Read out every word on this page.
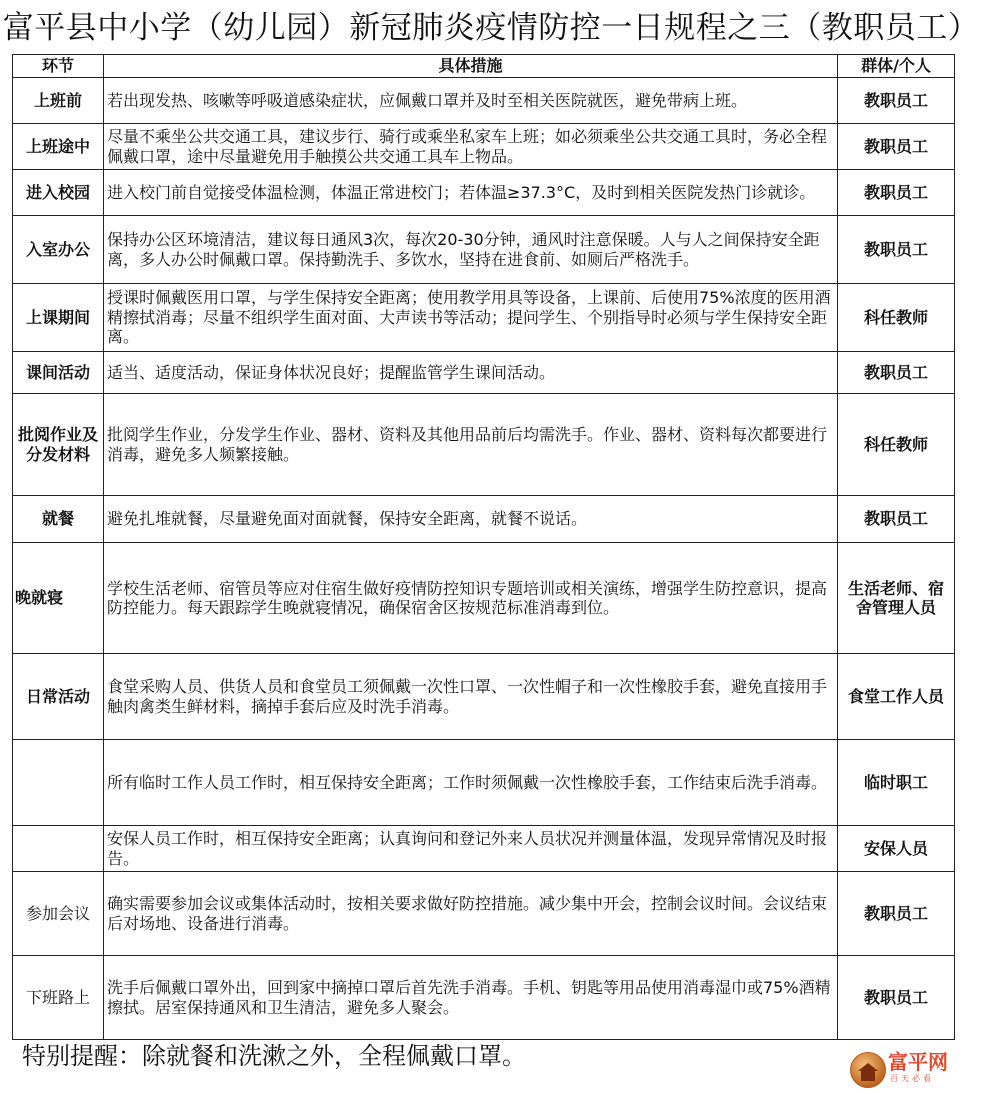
富平县中小学（幼儿园）新冠肺炎疫情防控一日规程之三（教职员工）
环节	具体措施	群体/个人
上班前	若出现发热、咳嗽等呼吸道感染症状，应佩戴口罩并及时至相关医院就医，避免带病上班。	教职员工
上班途中	尽量不乘坐公共交通工具，建议步行、骑行或乘坐私家车上班；如必须乘坐公共交通工具时，务必全程佩戴口罩，途中尽量避免用手触摸公共交通工具车上物品。	教职员工
进入校园	进入校门前自觉接受体温检测，体温正常进校门；若体温≥37.3°C，及时到相关医院发热门诊就诊。	教职员工
入室办公	保持办公区环境清洁，建议每日通风3次，每次20-30分钟，通风时注意保暖。人与人之间保持安全距离，多人办公时佩戴口罩。保持勤洗手、多饮水，坚持在进食前、如厕后严格洗手。	教职员工
上课期间	授课时佩戴医用口罩，与学生保持安全距离；使用教学用具等设备，上课前、后使用75%浓度的医用酒精擦拭消毒；尽量不组织学生面对面、大声读书等活动；提问学生、个别指导时必须与学生保持安全距离。	科任教师
课间活动	适当、适度活动，保证身体状况良好；提醒监管学生课间活动。	教职员工
批阅作业及分发材料	批阅学生作业，分发学生作业、器材、资料及其他用品前后均需洗手。作业、器材、资料每次都要进行消毒，避免多人频繁接触。	科任教师
就餐	避免扎堆就餐，尽量避免面对面就餐，保持安全距离，就餐不说话。	教职员工
晚就寝	学校生活老师、宿管员等应对住宿生做好疫情防控知识专题培训或相关演练，增强学生防控意识，提高防控能力。每天跟踪学生晚就寝情况，确保宿舍区按规范标准消毒到位。	生活老师、宿舍管理人员
日常活动	食堂采购人员、供货人员和食堂员工须佩戴一次性口罩、一次性帽子和一次性橡胶手套，避免直接用手触肉禽类生鲜材料，摘掉手套后应及时洗手消毒。	食堂工作人员
	所有临时工作人员工作时，相互保持安全距离；工作时须佩戴一次性橡胶手套，工作结束后洗手消毒。	临时职工
	安保人员工作时，相互保持安全距离；认真询问和登记外来人员状况并测量体温，发现异常情况及时报告。	安保人员
参加会议	确实需要参加会议或集体活动时，按相关要求做好防控措施。减少集中开会，控制会议时间。会议结束后对场地、设备进行消毒。	教职员工
下班路上	洗手后佩戴口罩外出，回到家中摘掉口罩后首先洗手消毒。手机、钥匙等用品使用消毒湿巾或75%酒精擦拭。居室保持通风和卫生清洁，避免多人聚会。	教职员工
特别提醒：除就餐和洗漱之外，全程佩戴口罩。	富平网
百天必看
